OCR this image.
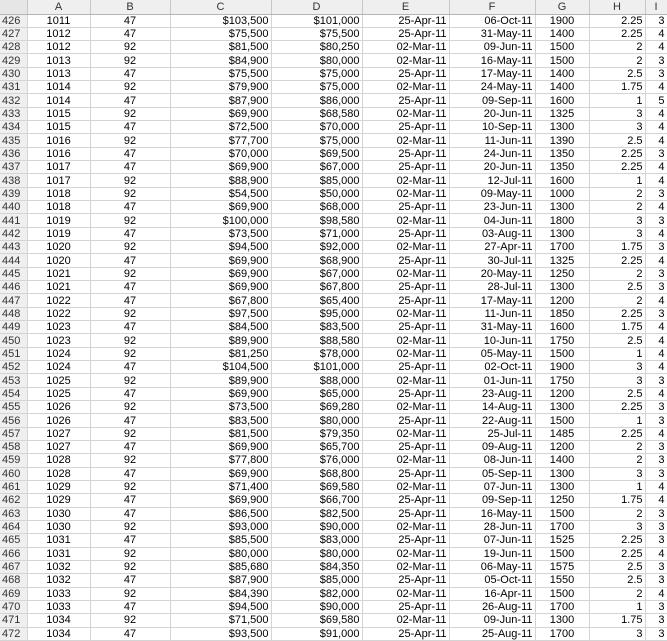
	A	B	C	D	E	F	G	H	I
426	1011	47	$103,500	$101,000	25-Apr-11	06-Oct-11	1900	2.25	3
427	1012	47	$75,500	$75,500	25-Apr-11	31-May-11	1400	2.25	4
428	1012	92	$81,500	$80,250	02-Mar-11	09-Jun-11	1500	2	4
429	1013	92	$84,900	$80,000	02-Mar-11	16-May-11	1500	2	3
430	1013	47	$75,500	$75,000	25-Apr-11	17-May-11	1400	2.5	3
431	1014	92	$79,900	$75,000	02-Mar-11	24-May-11	1400	1.75	4
432	1014	47	$87,900	$86,000	25-Apr-11	09-Sep-11	1600	1	5
433	1015	92	$69,900	$68,580	02-Mar-11	20-Jun-11	1325	3	4
434	1015	47	$72,500	$70,000	25-Apr-11	10-Sep-11	1300	3	4
435	1016	92	$77,700	$75,000	02-Mar-11	11-Jun-11	1390	2.5	4
436	1016	47	$70,000	$69,500	25-Apr-11	24-Jun-11	1350	2.25	3
437	1017	47	$69,900	$67,000	25-Apr-11	20-Jun-11	1350	2.25	4
438	1017	92	$88,900	$85,000	02-Mar-11	12-Jul-11	1600	1	4
439	1018	92	$54,500	$50,000	02-Mar-11	09-May-11	1000	2	3
440	1018	47	$69,900	$68,000	25-Apr-11	23-Jun-11	1300	2	4
441	1019	92	$100,000	$98,580	02-Mar-11	04-Jun-11	1800	3	3
442	1019	47	$73,500	$71,000	25-Apr-11	03-Aug-11	1300	3	4
443	1020	92	$94,500	$92,000	02-Mar-11	27-Apr-11	1700	1.75	3
444	1020	47	$69,900	$68,900	25-Apr-11	30-Jul-11	1325	2.25	4
445	1021	92	$69,900	$67,000	02-Mar-11	20-May-11	1250	2	3
446	1021	47	$69,900	$67,800	25-Apr-11	28-Jul-11	1300	2.5	3
447	1022	47	$67,800	$65,400	25-Apr-11	17-May-11	1200	2	4
448	1022	92	$97,500	$95,000	02-Mar-11	11-Jun-11	1850	2.25	3
449	1023	47	$84,500	$83,500	25-Apr-11	31-May-11	1600	1.75	4
450	1023	92	$89,900	$88,580	02-Mar-11	10-Jun-11	1750	2.5	4
451	1024	92	$81,250	$78,000	02-Mar-11	05-May-11	1500	1	4
452	1024	47	$104,500	$101,000	25-Apr-11	02-Oct-11	1900	3	4
453	1025	92	$89,900	$88,000	02-Mar-11	01-Jun-11	1750	3	3
454	1025	47	$69,900	$65,000	25-Apr-11	23-Aug-11	1200	2.5	4
455	1026	92	$73,500	$69,280	02-Mar-11	14-Aug-11	1300	2.25	3
456	1026	47	$83,500	$80,000	25-Apr-11	22-Aug-11	1500	1	3
457	1027	92	$81,500	$79,350	02-Mar-11	25-Jul-11	1485	2.25	4
458	1027	47	$69,900	$65,700	25-Apr-11	09-Aug-11	1200	2	3
459	1028	92	$77,800	$76,000	02-Mar-11	08-Jun-11	1400	2	3
460	1028	47	$69,900	$68,800	25-Apr-11	05-Sep-11	1300	3	3
461	1029	92	$71,400	$69,580	02-Mar-11	07-Jun-11	1300	1	4
462	1029	47	$69,900	$66,700	25-Apr-11	09-Sep-11	1250	1.75	4
463	1030	47	$86,500	$82,500	25-Apr-11	16-May-11	1500	2	3
464	1030	92	$93,000	$90,000	02-Mar-11	28-Jun-11	1700	3	3
465	1031	47	$85,500	$83,000	25-Apr-11	07-Jun-11	1525	2.25	3
466	1031	92	$80,000	$80,000	02-Mar-11	19-Jun-11	1500	2.25	4
467	1032	92	$85,680	$84,350	02-Mar-11	06-May-11	1575	2.5	3
468	1032	47	$87,900	$85,000	25-Apr-11	05-Oct-11	1550	2.5	3
469	1033	92	$84,390	$82,000	02-Mar-11	16-Apr-11	1500	2	4
470	1033	47	$94,500	$90,000	25-Apr-11	26-Aug-11	1700	1	3
471	1034	92	$71,500	$69,580	02-Mar-11	09-Jun-11	1300	1.75	3
472	1034	47	$93,500	$91,000	25-Apr-11	25-Aug-11	1700	3	3
